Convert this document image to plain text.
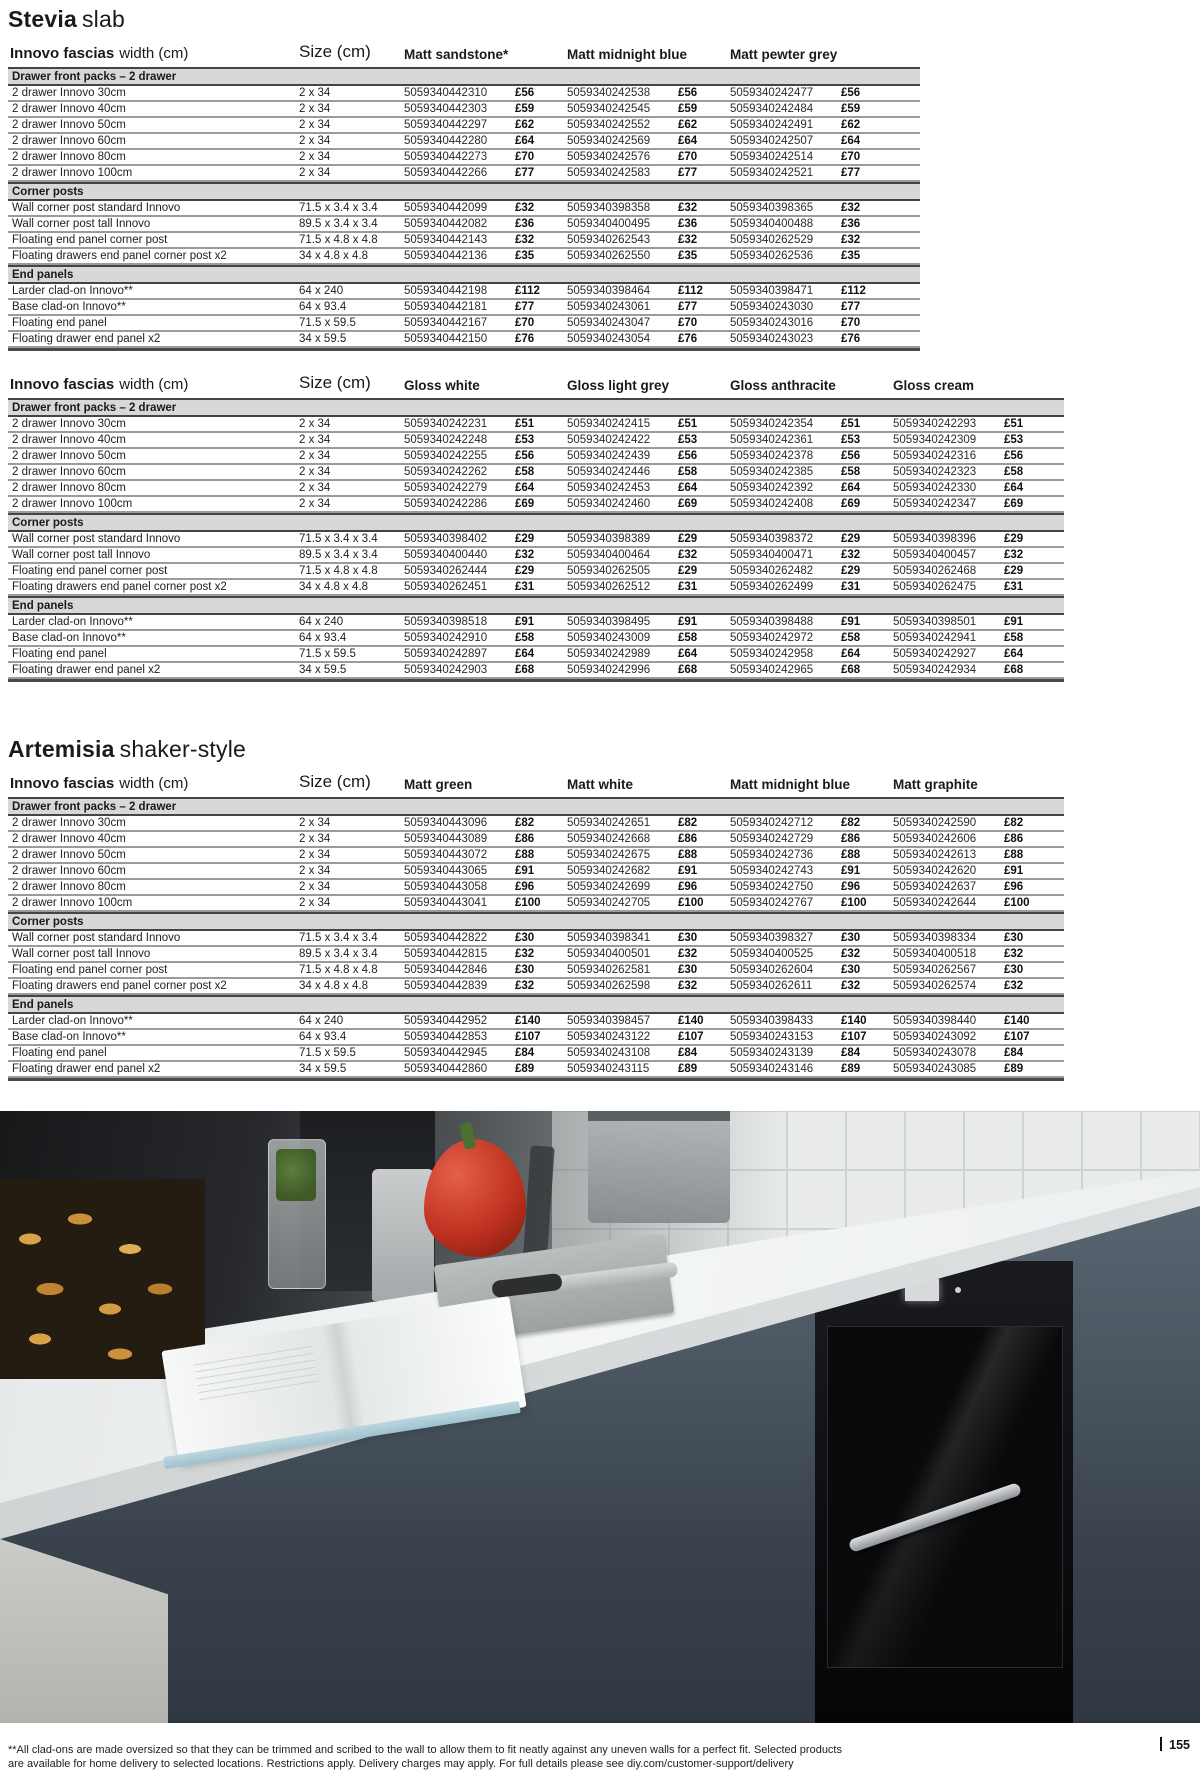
Stevia slab
Innovo fascias width (cm)	Size (cm)	Matt sandstone*	Matt midnight blue	Matt pewter grey
Drawer front packs – 2 drawer
2 drawer Innovo 30cm	2 x 34	5059340442310	£56	5059340242538	£56	5059340242477	£56
2 drawer Innovo 40cm	2 x 34	5059340442303	£59	5059340242545	£59	5059340242484	£59
2 drawer Innovo 50cm	2 x 34	5059340442297	£62	5059340242552	£62	5059340242491	£62
2 drawer Innovo 60cm	2 x 34	5059340442280	£64	5059340242569	£64	5059340242507	£64
2 drawer Innovo 80cm	2 x 34	5059340442273	£70	5059340242576	£70	5059340242514	£70
2 drawer Innovo 100cm	2 x 34	5059340442266	£77	5059340242583	£77	5059340242521	£77
Corner posts
Wall corner post standard Innovo	71.5 x 3.4 x 3.4	5059340442099	£32	5059340398358	£32	5059340398365	£32
Wall corner post tall Innovo	89.5 x 3.4 x 3.4	5059340442082	£36	5059340400495	£36	5059340400488	£36
Floating end panel corner post	71.5 x 4.8 x 4.8	5059340442143	£32	5059340262543	£32	5059340262529	£32
Floating drawers end panel corner post x2	34 x 4.8 x 4.8	5059340442136	£35	5059340262550	£35	5059340262536	£35
End panels
Larder clad-on Innovo**	64 x 240	5059340442198	£112	5059340398464	£112	5059340398471	£112
Base clad-on Innovo**	64 x 93.4	5059340442181	£77	5059340243061	£77	5059340243030	£77
Floating end panel	71.5 x 59.5	5059340442167	£70	5059340243047	£70	5059340243016	£70
Floating drawer end panel x2	34 x 59.5	5059340442150	£76	5059340243054	£76	5059340243023	£76
Innovo fascias width (cm)	Size (cm)	Gloss white	Gloss light grey	Gloss anthracite	Gloss cream
Drawer front packs – 2 drawer
2 drawer Innovo 30cm	2 x 34	5059340242231	£51	5059340242415	£51	5059340242354	£51	5059340242293	£51
2 drawer Innovo 40cm	2 x 34	5059340242248	£53	5059340242422	£53	5059340242361	£53	5059340242309	£53
2 drawer Innovo 50cm	2 x 34	5059340242255	£56	5059340242439	£56	5059340242378	£56	5059340242316	£56
2 drawer Innovo 60cm	2 x 34	5059340242262	£58	5059340242446	£58	5059340242385	£58	5059340242323	£58
2 drawer Innovo 80cm	2 x 34	5059340242279	£64	5059340242453	£64	5059340242392	£64	5059340242330	£64
2 drawer Innovo 100cm	2 x 34	5059340242286	£69	5059340242460	£69	5059340242408	£69	5059340242347	£69
Corner posts
Wall corner post standard Innovo	71.5 x 3.4 x 3.4	5059340398402	£29	5059340398389	£29	5059340398372	£29	5059340398396	£29
Wall corner post tall Innovo	89.5 x 3.4 x 3.4	5059340400440	£32	5059340400464	£32	5059340400471	£32	5059340400457	£32
Floating end panel corner post	71.5 x 4.8 x 4.8	5059340262444	£29	5059340262505	£29	5059340262482	£29	5059340262468	£29
Floating drawers end panel corner post x2	34 x 4.8 x 4.8	5059340262451	£31	5059340262512	£31	5059340262499	£31	5059340262475	£31
End panels
Larder clad-on Innovo**	64 x 240	5059340398518	£91	5059340398495	£91	5059340398488	£91	5059340398501	£91
Base clad-on Innovo**	64 x 93.4	5059340242910	£58	5059340243009	£58	5059340242972	£58	5059340242941	£58
Floating end panel	71.5 x 59.5	5059340242897	£64	5059340242989	£64	5059340242958	£64	5059340242927	£64
Floating drawer end panel x2	34 x 59.5	5059340242903	£68	5059340242996	£68	5059340242965	£68	5059340242934	£68
Artemisia shaker-style
Innovo fascias width (cm)	Size (cm)	Matt green	Matt white	Matt midnight blue	Matt graphite
Drawer front packs – 2 drawer
2 drawer Innovo 30cm	2 x 34	5059340443096	£82	5059340242651	£82	5059340242712	£82	5059340242590	£82
2 drawer Innovo 40cm	2 x 34	5059340443089	£86	5059340242668	£86	5059340242729	£86	5059340242606	£86
2 drawer Innovo 50cm	2 x 34	5059340443072	£88	5059340242675	£88	5059340242736	£88	5059340242613	£88
2 drawer Innovo 60cm	2 x 34	5059340443065	£91	5059340242682	£91	5059340242743	£91	5059340242620	£91
2 drawer Innovo 80cm	2 x 34	5059340443058	£96	5059340242699	£96	5059340242750	£96	5059340242637	£96
2 drawer Innovo 100cm	2 x 34	5059340443041	£100	5059340242705	£100	5059340242767	£100	5059340242644	£100
Corner posts
Wall corner post standard Innovo	71.5 x 3.4 x 3.4	5059340442822	£30	5059340398341	£30	5059340398327	£30	5059340398334	£30
Wall corner post tall Innovo	89.5 x 3.4 x 3.4	5059340442815	£32	5059340400501	£32	5059340400525	£32	5059340400518	£32
Floating end panel corner post	71.5 x 4.8 x 4.8	5059340442846	£30	5059340262581	£30	5059340262604	£30	5059340262567	£30
Floating drawers end panel corner post x2	34 x 4.8 x 4.8	5059340442839	£32	5059340262598	£32	5059340262611	£32	5059340262574	£32
End panels
Larder clad-on Innovo**	64 x 240	5059340442952	£140	5059340398457	£140	5059340398433	£140	5059340398440	£140
Base clad-on Innovo**	64 x 93.4	5059340442853	£107	5059340243122	£107	5059340243153	£107	5059340243092	£107
Floating end panel	71.5 x 59.5	5059340442945	£84	5059340243108	£84	5059340243139	£84	5059340243078	£84
Floating drawer end panel x2	34 x 59.5	5059340442860	£89	5059340243115	£89	5059340243146	£89	5059340243085	£89
**All clad-ons are made oversized so that they can be trimmed and scribed to the wall to allow them to fit neatly against any uneven walls for a perfect fit. Selected products
are available for home delivery to selected locations. Restrictions apply. Delivery charges may apply. For full details please see diy.com/customer-support/delivery
155
